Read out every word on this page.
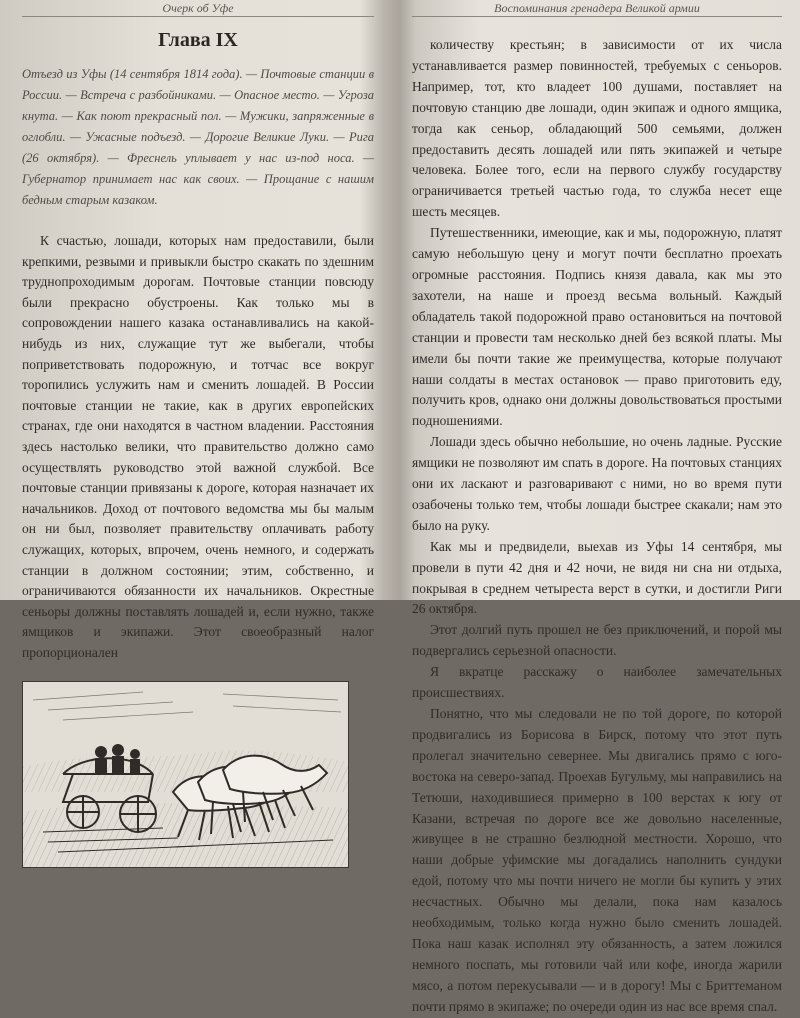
Очерк об Уфе
Глава IX
Отъезд из Уфы (14 сентября 1814 года). — Почтовые станции в России. — Встреча с разбойниками. — Опасное место. — Угроза кнута. — Как поют прекрасный пол. — Мужики, запряженные в оглобли. — Ужасные подъезд. — Дорогие Великие Луки. — Рига (26 октября). — Фреснель уплывает у нас из-под носа. — Губернатор принимает нас как своих. — Прощание с нашим бедным старым казаком.

К счастью, лошади, которых нам предоставили, были крепкими, резвыми и привыкли быстро скакать по здешним труднопроходимым дорогам. Почтовые станции повсюду были прекрасно обустроены. Как только мы в сопровождении нашего казака останавливались на какой-нибудь из них, служащие тут же выбегали, чтобы поприветствовать подорожную, и тотчас все вокруг торопились услужить нам и сменить лошадей. В России почтовые станции не такие, как в других европейских странах, где они находятся в частном владении. Расстояния здесь настолько велики, что правительство должно само осуществлять руководство этой важной службой. Все почтовые станции привязаны к дороге, которая назначает их начальников. Доход от почтового ведомства мы бы малым он ни был, позволяет правительству оплачивать работу служащих, которых, впрочем, очень немного, и содержать станции в должном состоянии; этим, собственно, и ограничиваются обязанности их начальников. Окрестные сеньоры должны поставлять лошадей и, если нужно, также ямщиков и экипажи. Этот своеобразный налог пропорционален

Воспоминания гренадера Великой армии

количеству крестьян; в зависимости от их числа устанавливается размер повинностей, требуемых с сеньоров. Например, тот, кто владеет 100 душами, поставляет на почтовую станцию две лошади, один экипаж и одного ямщика, тогда как сеньор, обладающий 500 семьями, должен предоставить десять лошадей или пять экипажей и четыре человека. Более того, если на первого службу государству ограничивается третьей частью года, то служба несет еще шесть месяцев.

Путешественники, имеющие, как и мы, подорожную, платят самую небольшую цену и могут почти бесплатно проехать огромные расстояния. Подпись князя давала, как мы это захотели, на наше и проезд весьма вольный. Каждый обладатель такой подорожной право остановиться на почтовой станции и провести там несколько дней без всякой платы. Мы имели бы почти такие же преимущества, которые получают наши солдаты в местах остановок — право приготовить еду, получить кров, однако они должны довольствоваться простыми подношениями.

Лошади здесь обычно небольшие, но очень ладные. Русские ямщики не позволяют им спать в дороге. На почтовых станциях они их ласкают и разговаривают с ними, но во время пути озабочены только тем, чтобы лошади быстрее скакали; нам это было на руку.

Как мы и предвидели, выехав из Уфы 14 сентября, мы провели в пути 42 дня и 42 ночи, не видя ни сна ни отдыха, покрывая в среднем четыреста верст в сутки, и достигли Риги 26 октября.

Этот долгий путь прошел не без приключений, и порой мы подвергались серьезной опасности.

Я вкратце расскажу о наиболее замечательных происшествиях.

Понятно, что мы следовали не по той дороге, по которой продвигались из Борисова в Бирск, потому что этот путь пролегал значительно севернее. Мы двигались прямо с юго-востока на северо-запад. Проехав Бугульму, мы направились на Тетюши, находившиеся примерно в 100 верстах к югу от Казани, встречая по дороге все же довольно населенные, живущее в не страшно безлюдной местности. Хорошо, что наши добрые уфимские мы догадались наполнить сундуки едой, потому что мы почти ничего не могли бы купить у этих несчастных. Обычно мы делали, пока нам казалось необходимым, только когда нужно было сменить лошадей. Пока наш казак исполнял эту обязанность, а затем ложился немного поспать, мы готовили чай или кофе, иногда жарили мясо, а потом перекусывали — и в дорогу! Мы с Бриттеманом почти прямо в экипаже; по очереди один из нас все время спал.
